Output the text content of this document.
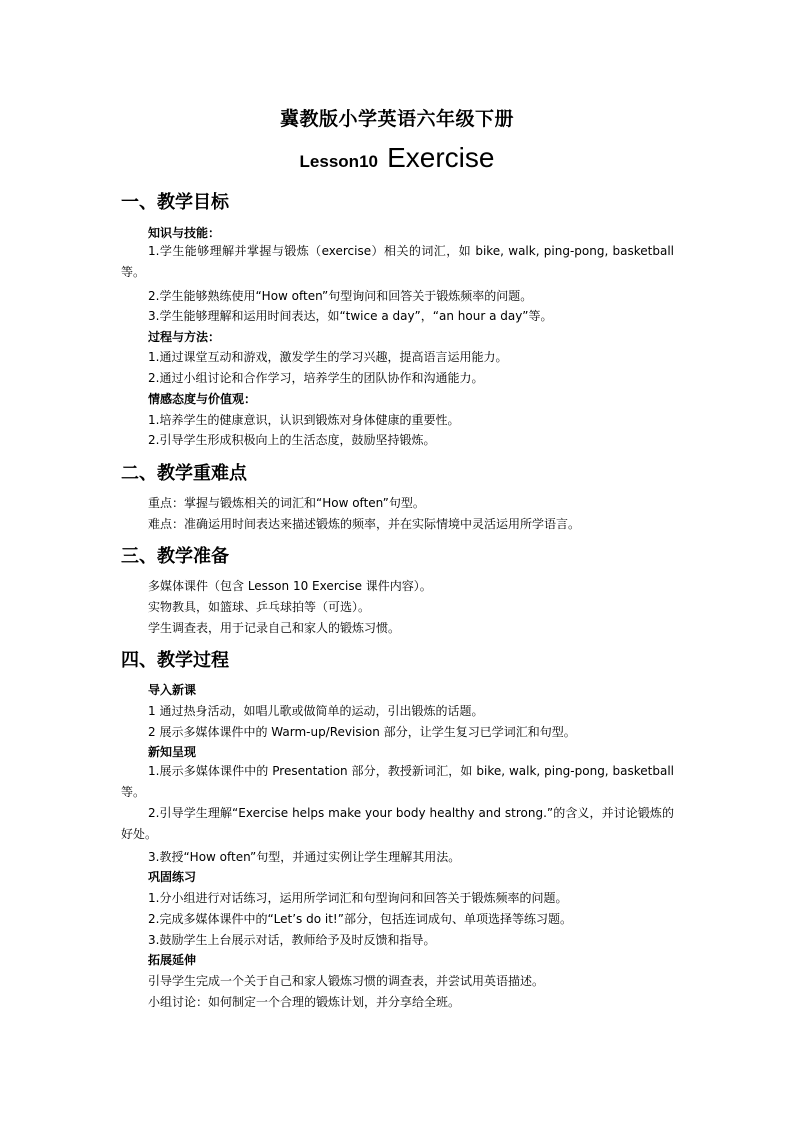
冀教版小学英语六年级下册
Lesson10 Exercise
一、教学目标
知识与技能：
1.学生能够理解并掌握与锻炼（exercise）相关的词汇，如 bike, walk, ping-pong, basketball 等。
2.学生能够熟练使用“How often”句型询问和回答关于锻炼频率的问题。
3.学生能够理解和运用时间表达，如“twice a day”，“an hour a day”等。
过程与方法：
1.通过课堂互动和游戏，激发学生的学习兴趣，提高语言运用能力。
2.通过小组讨论和合作学习，培养学生的团队协作和沟通能力。
情感态度与价值观：
1.培养学生的健康意识，认识到锻炼对身体健康的重要性。
2.引导学生形成积极向上的生活态度，鼓励坚持锻炼。
二、教学重难点
重点：掌握与锻炼相关的词汇和“How often”句型。
难点：准确运用时间表达来描述锻炼的频率，并在实际情境中灵活运用所学语言。
三、教学准备
多媒体课件（包含 Lesson 10 Exercise 课件内容）。
实物教具，如篮球、乒乓球拍等（可选）。
学生调查表，用于记录自己和家人的锻炼习惯。
四、教学过程
导入新课
1 通过热身活动，如唱儿歌或做简单的运动，引出锻炼的话题。
2 展示多媒体课件中的 Warm-up/Revision 部分，让学生复习已学词汇和句型。
新知呈现
1.展示多媒体课件中的 Presentation 部分，教授新词汇，如 bike, walk, ping-pong, basketball 等。
2.引导学生理解“Exercise helps make your body healthy and strong.”的含义，并讨论锻炼的好处。
3.教授“How often”句型，并通过实例让学生理解其用法。
巩固练习
1.分小组进行对话练习，运用所学词汇和句型询问和回答关于锻炼频率的问题。
2.完成多媒体课件中的“Let’s do it!”部分，包括连词成句、单项选择等练习题。
3.鼓励学生上台展示对话，教师给予及时反馈和指导。
拓展延伸
引导学生完成一个关于自己和家人锻炼习惯的调查表，并尝试用英语描述。
小组讨论：如何制定一个合理的锻炼计划，并分享给全班。
